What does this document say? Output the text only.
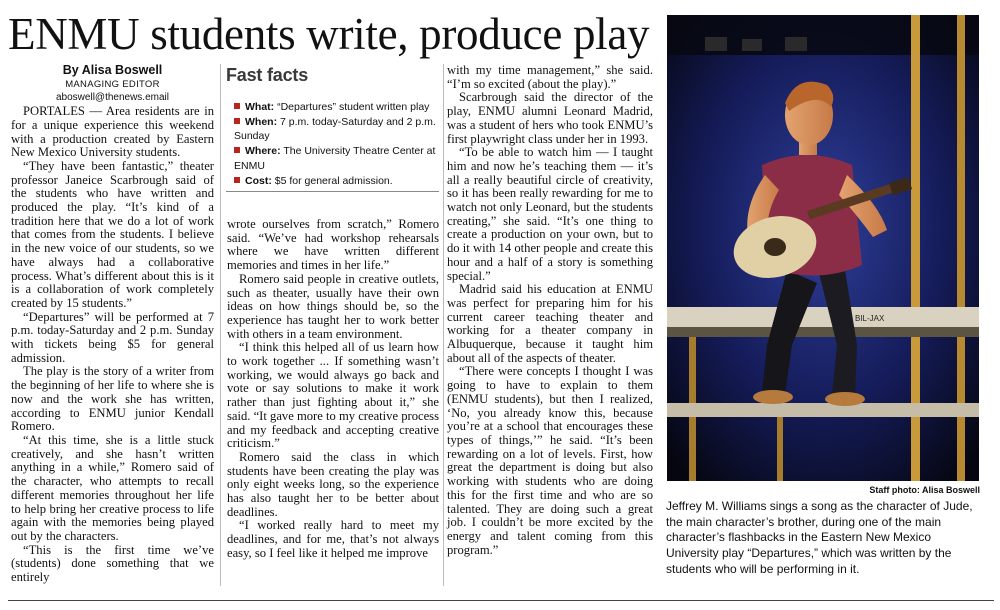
ENMU students write, produce play

By Alisa Boswell

MANAGING EDITOR

aboswell@thenews.email

PORTALES — Area residents are in for a unique experience this weekend with a production created by Eastern New Mexico University students.

“They have been fantastic,” theater professor Janeice Scarbrough said of the students who have written and produced the play. “It’s kind of a tradition here that we do a lot of work that comes from the students. I believe in the new voice of our students, so we have always had a collaborative process. What’s different about this is it is a collaboration of work completely created by 15 students.”

“Departures” will be performed at 7 p.m. today-Saturday and 2 p.m. Sunday with tickets being $5 for general admission.

The play is the story of a writer from the beginning of her life to where she is now and the work she has written, according to ENMU junior Kendall Romero.

“At this time, she is a little stuck creatively, and she hasn’t written anything in a while,” Romero said of the character, who attempts to recall different memories throughout her life to help bring her creative process to life again with the memories being played out by the characters.

“This is the first time we’ve (students) done something that we entirely

Fast facts

What: “Departures” student written play
When: 7 p.m. today-Saturday and 2 p.m. Sunday
Where: The University Theatre Center at ENMU
Cost: $5 for general admission.

wrote ourselves from scratch,” Romero said. “We’ve had workshop rehearsals where we have written different memories and times in her life.”

Romero said people in creative outlets, such as theater, usually have their own ideas on how things should be, so the experience has taught her to work better with others in a team environment.

“I think this helped all of us learn how to work together ... If something wasn’t working, we would always go back and vote or say solutions to make it work rather than just fighting about it,” she said. “It gave more to my creative process and my feedback and accepting creative criticism.”

Romero said the class in which students have been creating the play was only eight weeks long, so the experience has also taught her to be better about deadlines.

“I worked really hard to meet my deadlines, and for me, that’s not always easy, so I feel like it helped me improve

with my time management,” she said. “I’m so excited (about the play).”

Scarbrough said the director of the play, ENMU alumni Leonard Madrid, was a student of hers who took ENMU’s first playwright class under her in 1993.

“To be able to watch him — I taught him and now he’s teaching them — it’s all a really beautiful circle of creativity, so it has been really rewarding for me to watch not only Leonard, but the students creating,” she said. “It’s one thing to create a production on your own, but to do it with 14 other people and create this hour and a half of a story is something special.”

Madrid said his education at ENMU was perfect for preparing him for his current career teaching theater and working for a theater company in Albuquerque, because it taught him about all of the aspects of theater.

“There were concepts I thought I was going to have to explain to them (ENMU students), but then I realized, ‘No, you already know this, because you’re at a school that encourages these types of things,’” he said. “It’s been rewarding on a lot of levels. First, how great the department is doing but also working with students who are doing this for the first time and who are so talented. They are doing such a great job. I couldn’t be more excited by the energy and talent coming from this program.”

BIL-JAX
Staff photo: Alisa Boswell
Jeffrey M. Williams sings a song as the character of Jude, the main character’s brother, during one of the main character’s flashbacks in the Eastern New Mexico University play “Departures,” which was written by the students who will be performing in it.
